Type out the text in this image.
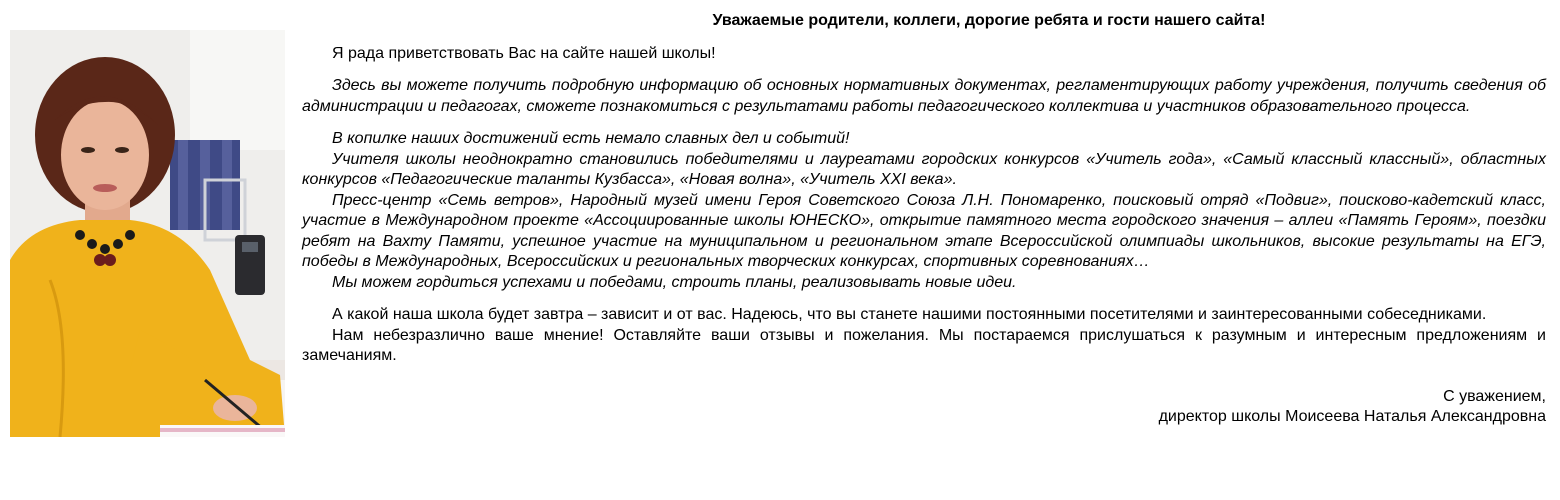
Уважаемые родители, коллеги, дорогие ребята и гости нашего сайта!

Я рада приветствовать Вас на сайте нашей школы!

Здесь вы можете получить подробную информацию об основных нормативных документах, регламентирующих работу учреждения, получить сведения об администрации и педагогах, сможете познакомиться с результатами работы педагогического коллектива и участников образовательного процесса.

В копилке наших достижений есть немало славных дел и событий!

Учителя школы неоднократно становились победителями и лауреатами городских конкурсов «Учитель года», «Самый классный классный», областных конкурсов «Педагогические таланты Кузбасса», «Новая волна», «Учитель XXI века».

Пресс-центр «Семь ветров», Народный музей имени Героя Советского Союза Л.Н. Пономаренко, поисковый отряд «Подвиг», поисково-кадетский класс, участие в Международном проекте «Ассоциированные школы ЮНЕСКО», открытие памятного места городского значения – аллеи «Память Героям», поездки ребят на Вахту Памяти, успешное участие на муниципальном и региональном этапе Всероссийской олимпиады школьников, высокие результаты на ЕГЭ, победы в Международных, Всероссийских и региональных творческих конкурсах, спортивных соревнованиях…

Мы можем гордиться успехами и победами, строить планы, реализовывать новые идеи.

А какой наша школа будет завтра – зависит и от вас. Надеюсь, что вы станете нашими постоянными посетителями и заинтересованными собеседниками.

Нам небезразлично ваше мнение! Оставляйте ваши отзывы и пожелания. Мы постараемся прислушаться к разумным и интересным предложениям и замечаниям.

С уважением,

директор школы Моисеева Наталья Александровна
